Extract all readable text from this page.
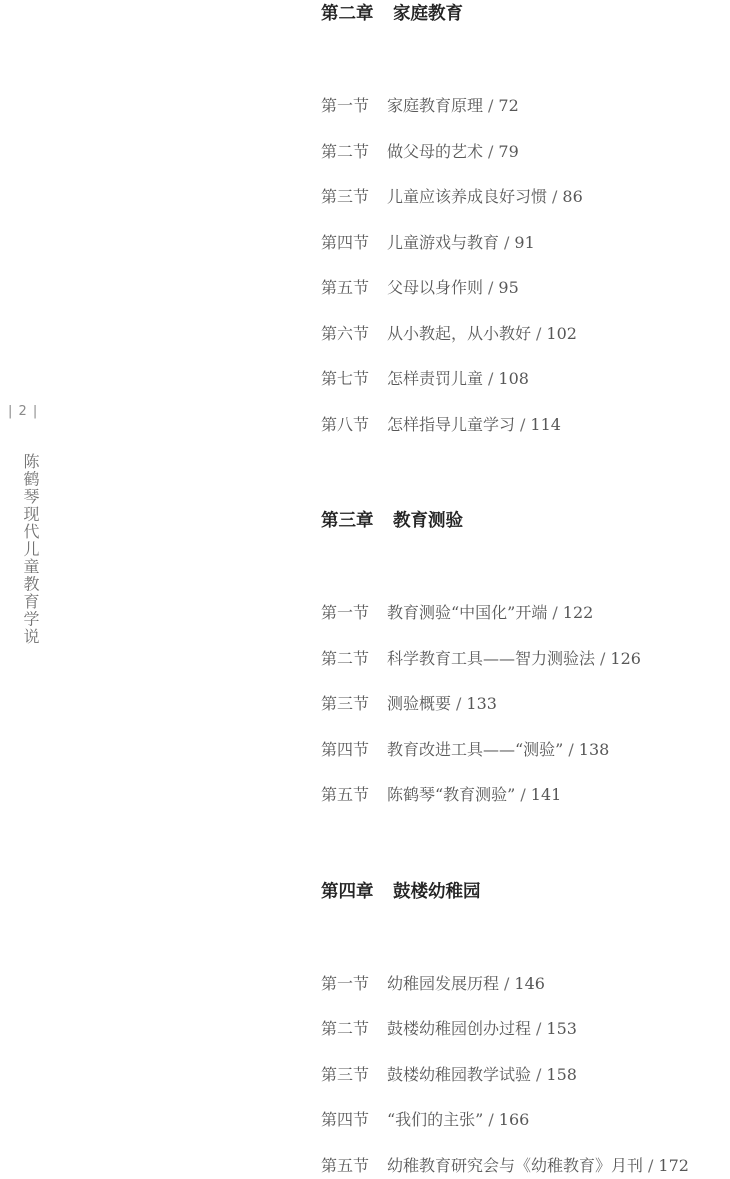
| 2 |
陈鹤琴现代儿童教育学说
第二章	家庭教育
第一节	家庭教育原理 / 72
第二节	做父母的艺术 / 79
第三节	儿童应该养成良好习惯 / 86
第四节	儿童游戏与教育 / 91
第五节	父母以身作则 / 95
第六节	从小教起，从小教好 / 102
第七节	怎样责罚儿童 / 108
第八节	怎样指导儿童学习 / 114
第三章	教育测验
第一节	教育测验“中国化”开端 / 122
第二节	科学教育工具——智力测验法 / 126
第三节	测验概要 / 133
第四节	教育改进工具——“测验” / 138
第五节	陈鹤琴“教育测验” / 141
第四章	鼓楼幼稚园
第一节	幼稚园发展历程 / 146
第二节	鼓楼幼稚园创办过程 / 153
第三节	鼓楼幼稚园教学试验 / 158
第四节	“我们的主张” / 166
第五节	幼稚教育研究会与《幼稚教育》月刊 / 172
